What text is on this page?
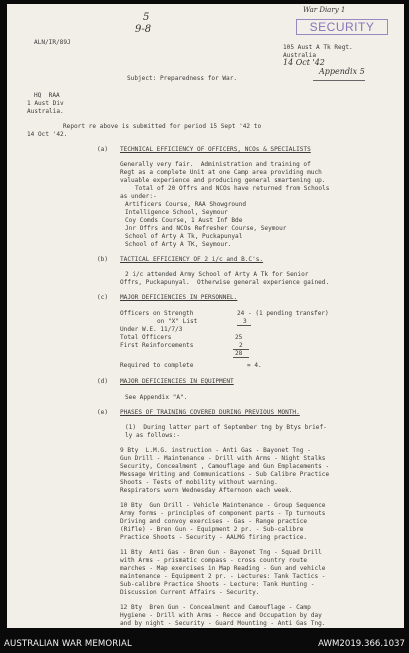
5
9-8
War Diary 1
SECURITY
ALN/IR/89J
105 Aust A Tk Regt.
Australia
14 Oct '42
Appendix 5
Subject: Preparedness for War.
HQ  RAA
1 Aust Div
Australia.
Report re above is submitted for period 15 Sept '42 to
14 Oct '42.
(a) TECHNICAL EFFICIENCY OF OFFICERS, NCOs & SPECIALISTS
Generally very fair.  Administration and training of
Regt as a complete Unit at one Camp area providing much
valuable experience and producing general smartening up.
Total of 20 Offrs and NCOs have returned from Schools
as under:-
Artificers Course, RAA Showground
Intelligence School, Seymour
Coy Comds Course, 1 Aust Inf Bde
Jnr Offrs and NCOs Refresher Course, Seymour
School of Arty A Tk, Puckapunyal
School of Arty A TK, Seymour.
(b) TACTICAL EFFICIENCY OF 2 i/c and B.C's.
2 i/c attended Army School of Arty A Tk for Senior
Offrs, Puckapunyal.  Otherwise general experience gained.
(c) MAJOR DEFICIENCIES IN PERSONNEL.
Officers on Strength	24 - (1 pending transfer)
on "X" List	3
Under W.E. 11/7/3
Total Officers	25
First Reinforcements	2
28
Required to complete	= 4.
(d) MAJOR DEFICIENCIES IN EQUIPMENT
See Appendix "A".
(e) PHASES OF TRAINING COVERED DURING PREVIOUS MONTH.
(1)  During latter part of September tng by Btys brief-
ly as follows:-
9 Bty  L.M.G. instruction - Anti Gas - Bayonet Tng -
Gun Drill - Maintenance - Drill with Arms - Night Stalks
Security, Concealment , Camouflage and Gun Emplacements -
Message Writing and Communications - Sub Calibre Practice
Shoots - Tests of mobility without warning.
Respirators worn Wednesday Afternoon each week.
10 Bty  Gun Drill - Vehicle Maintenance - Group Sequence
Army forms - principles of component parts - Tp turnouts
Driving and convoy exercises - Gas - Range practice
(Rifle) - Bren Gun - Equipment 2 pr. - Sub-calibre
Practice Shoots - Security - AALMG firing practice.
11 Bty  Anti Gas - Bren Gun - Bayonet Tng - Squad Drill
with Arms - prismatic compass - cross country route
marches - Map exercises in Map Reading - Gun and vehicle
maintenance - Equipment 2 pr. - Lectures: Tank Tactics -
Sub-calibre Practice Shoots - Lecture: Tank Hunting -
Discussion Current Affairs - Security.
12 Bty  Bren Gun - Concealment and Camouflage - Camp
Hygiene - Drill with Arms - Recce and Occupation by day
and by night - Security - Guard Mounting - Anti Gas Tng.
AUSTRALIAN WAR MEMORIAL	AWM2019.366.1037
